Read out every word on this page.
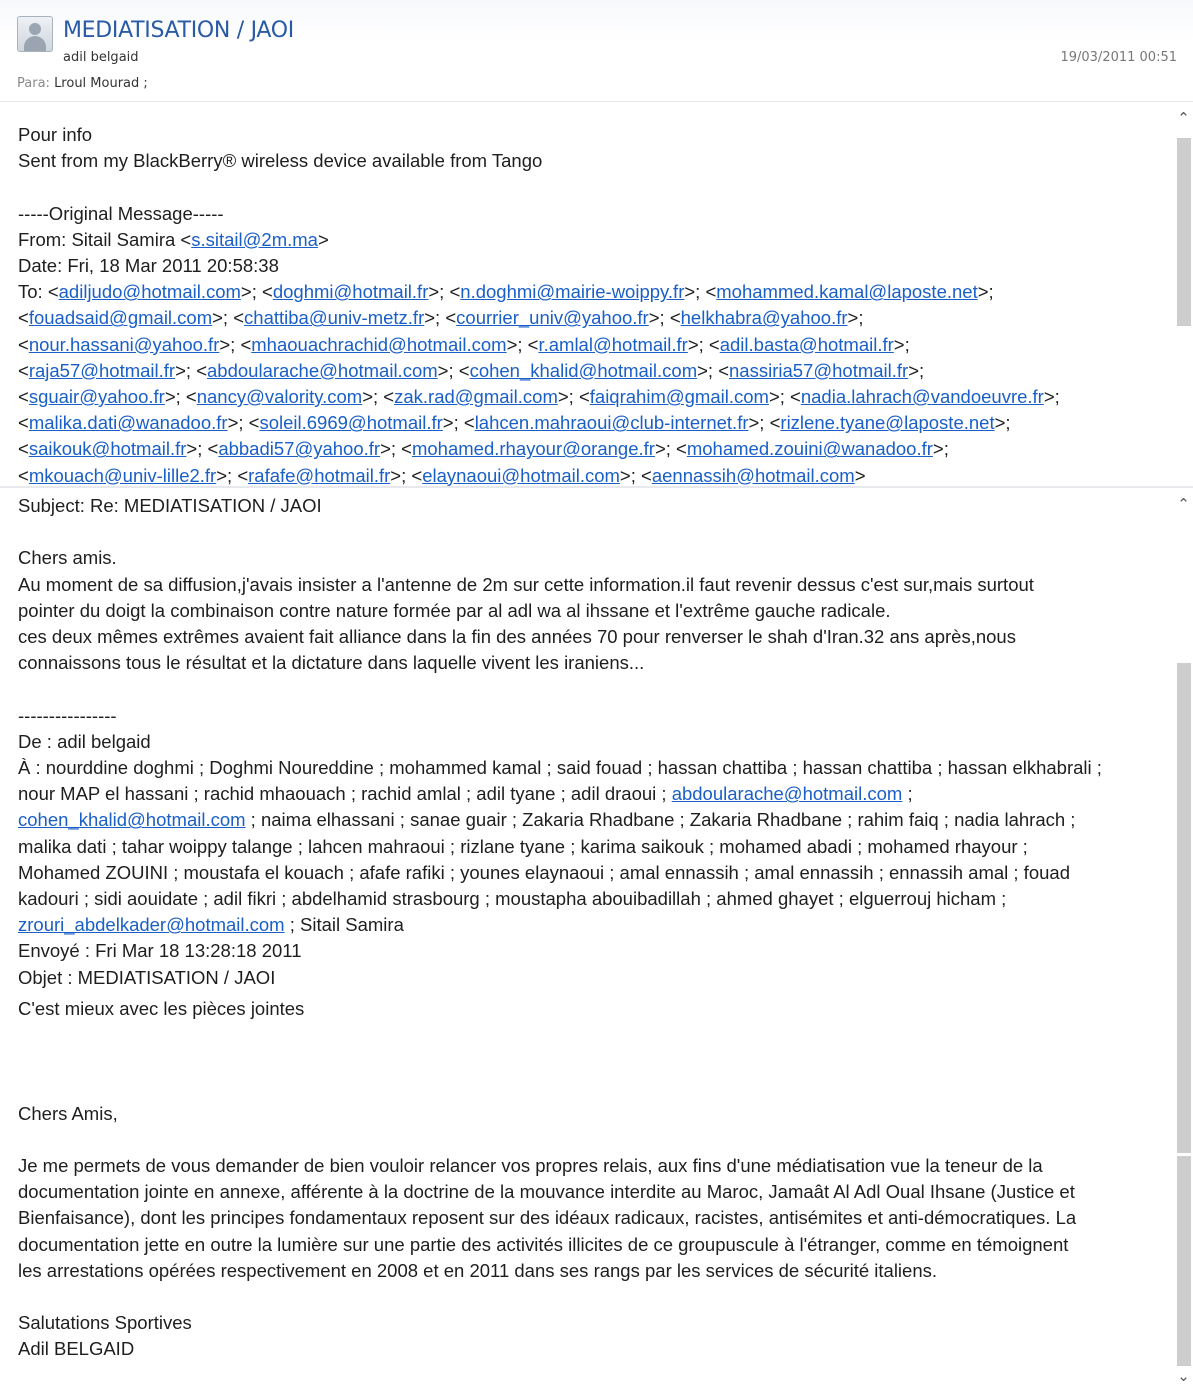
MEDIATISATION / JAOI
adil belgaid	19/03/2011 00:51
Para: Lroul Mourad ;
Pour info
Sent from my BlackBerry® wireless device available from Tango
-----Original Message-----
From: Sitail Samira <s.sitail@2m.ma>
Date: Fri, 18 Mar 2011 20:58:38
To: <adiljudo@hotmail.com>; <doghmi@hotmail.fr>; <n.doghmi@mairie-woippy.fr>; <mohammed.kamal@laposte.net>;
<fouadsaid@gmail.com>; <chattiba@univ-metz.fr>; <courrier_univ@yahoo.fr>; <helkhabra@yahoo.fr>;
<nour.hassani@yahoo.fr>; <mhaouachrachid@hotmail.com>; <r.amlal@hotmail.fr>; <adil.basta@hotmail.fr>;
<raja57@hotmail.fr>; <abdoularache@hotmail.com>; <cohen_khalid@hotmail.com>; <nassiria57@hotmail.fr>;
<sguair@yahoo.fr>; <nancy@valority.com>; <zak.rad@gmail.com>; <faiqrahim@gmail.com>; <nadia.lahrach@vandoeuvre.fr>;
<malika.dati@wanadoo.fr>; <soleil.6969@hotmail.fr>; <lahcen.mahraoui@club-internet.fr>; <rizlene.tyane@laposte.net>;
<saikouk@hotmail.fr>; <abbadi57@yahoo.fr>; <mohamed.rhayour@orange.fr>; <mohamed.zouini@wanadoo.fr>;
<mkouach@univ-lille2.fr>; <rafafe@hotmail.fr>; <elaynaoui@hotmail.com>; <aennassih@hotmail.com>
⌃
Subject: Re: MEDIATISATION / JAOI
Chers amis.
Au moment de sa diffusion,j'avais insister a l'antenne de 2m sur cette information.il faut revenir dessus c'est sur,mais surtout
pointer du doigt la combinaison contre nature formée par al adl wa al ihssane et l'extrême gauche radicale.
ces deux mêmes extrêmes avaient fait alliance dans la fin des années 70 pour renverser le shah d'Iran.32 ans après,nous
connaissons tous le résultat et la dictature dans laquelle vivent les iraniens...
----------------
De : adil belgaid
À : nourddine doghmi ; Doghmi Noureddine ; mohammed kamal ; said fouad ; hassan chattiba ; hassan chattiba ; hassan elkhabrali ;
nour MAP el hassani ; rachid mhaouach ; rachid amlal ; adil tyane ; adil draoui ; abdoularache@hotmail.com ;
cohen_khalid@hotmail.com ; naima elhassani ; sanae guair ; Zakaria Rhadbane ; Zakaria Rhadbane ; rahim faiq ; nadia lahrach ;
malika dati ; tahar woippy talange ; lahcen mahraoui ; rizlane tyane ; karima saikouk ; mohamed abadi ; mohamed rhayour ;
Mohamed ZOUINI ; moustafa el kouach ; afafe rafiki ; younes elaynaoui ; amal ennassih ; amal ennassih ; ennassih amal ; fouad
kadouri ; sidi aouidate ; adil fikri ; abdelhamid strasbourg ; moustapha abouibadillah ; ahmed ghayet ; elguerrouj hicham ;
zrouri_abdelkader@hotmail.com ; Sitail Samira
Envoyé : Fri Mar 18 13:28:18 2011
Objet : MEDIATISATION / JAOI
C'est mieux avec les pièces jointes
Chers Amis,
Je me permets de vous demander de bien vouloir relancer vos propres relais, aux fins d'une médiatisation vue la teneur de la
documentation jointe en annexe, afférente à la doctrine de la mouvance interdite au Maroc, Jamaât Al Adl Oual Ihsane (Justice et
Bienfaisance), dont les principes fondamentaux reposent sur des idéaux radicaux, racistes, antisémites et anti-démocratiques. La
documentation jette en outre la lumière sur une partie des activités illicites de ce groupuscule à l'étranger, comme en témoignent
les arrestations opérées respectivement en 2008 et en 2011 dans ses rangs par les services de sécurité italiens.
Salutations Sportives
Adil BELGAID
⌃
⌄
